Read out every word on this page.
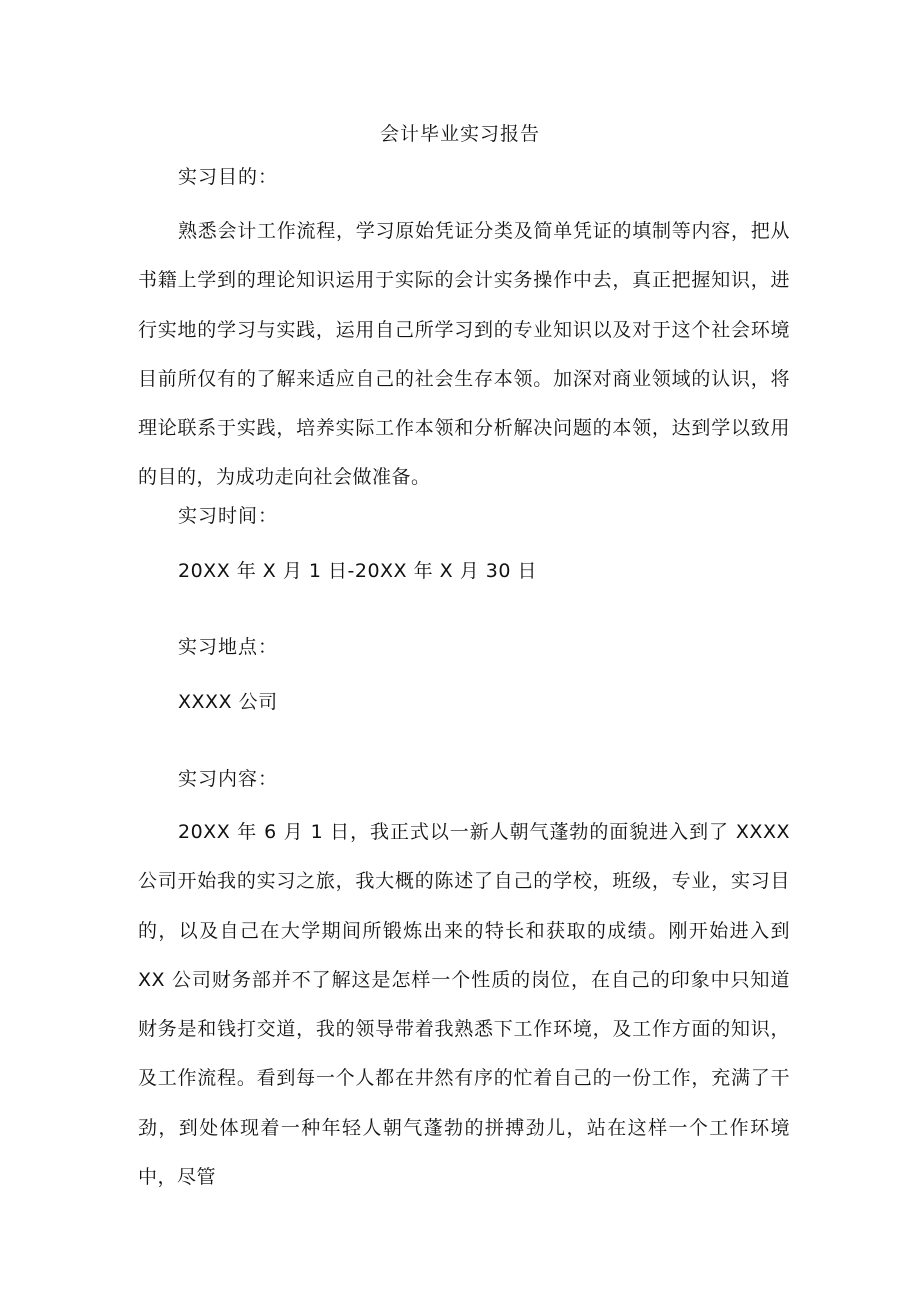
会计毕业实习报告
实习目的：
熟悉会计工作流程，学习原始凭证分类及简单凭证的填制等内容，把从书籍上学到的理论知识运用于实际的会计实务操作中去，真正把握知识，进行实地的学习与实践，运用自己所学习到的专业知识以及对于这个社会环境目前所仅有的了解来适应自己的社会生存本领。加深对商业领域的认识，将理论联系于实践，培养实际工作本领和分析解决问题的本领，达到学以致用的目的，为成功走向社会做准备。
实习时间：
20XX 年 X 月 1 日-20XX 年 X 月 30 日
实习地点：
XXXX 公司
实习内容：
20XX 年 6 月 1 日，我正式以一新人朝气蓬勃的面貌进入到了 XXXX 公司开始我的实习之旅，我大概的陈述了自己的学校，班级，专业，实习目的，以及自己在大学期间所锻炼出来的特长和获取的成绩。刚开始进入到 XX 公司财务部并不了解这是怎样一个性质的岗位，在自己的印象中只知道财务是和钱打交道，我的领导带着我熟悉下工作环境，及工作方面的知识，及工作流程。看到每一个人都在井然有序的忙着自己的一份工作，充满了干劲，到处体现着一种年轻人朝气蓬勃的拼搏劲儿，站在这样一个工作环境中，尽管
